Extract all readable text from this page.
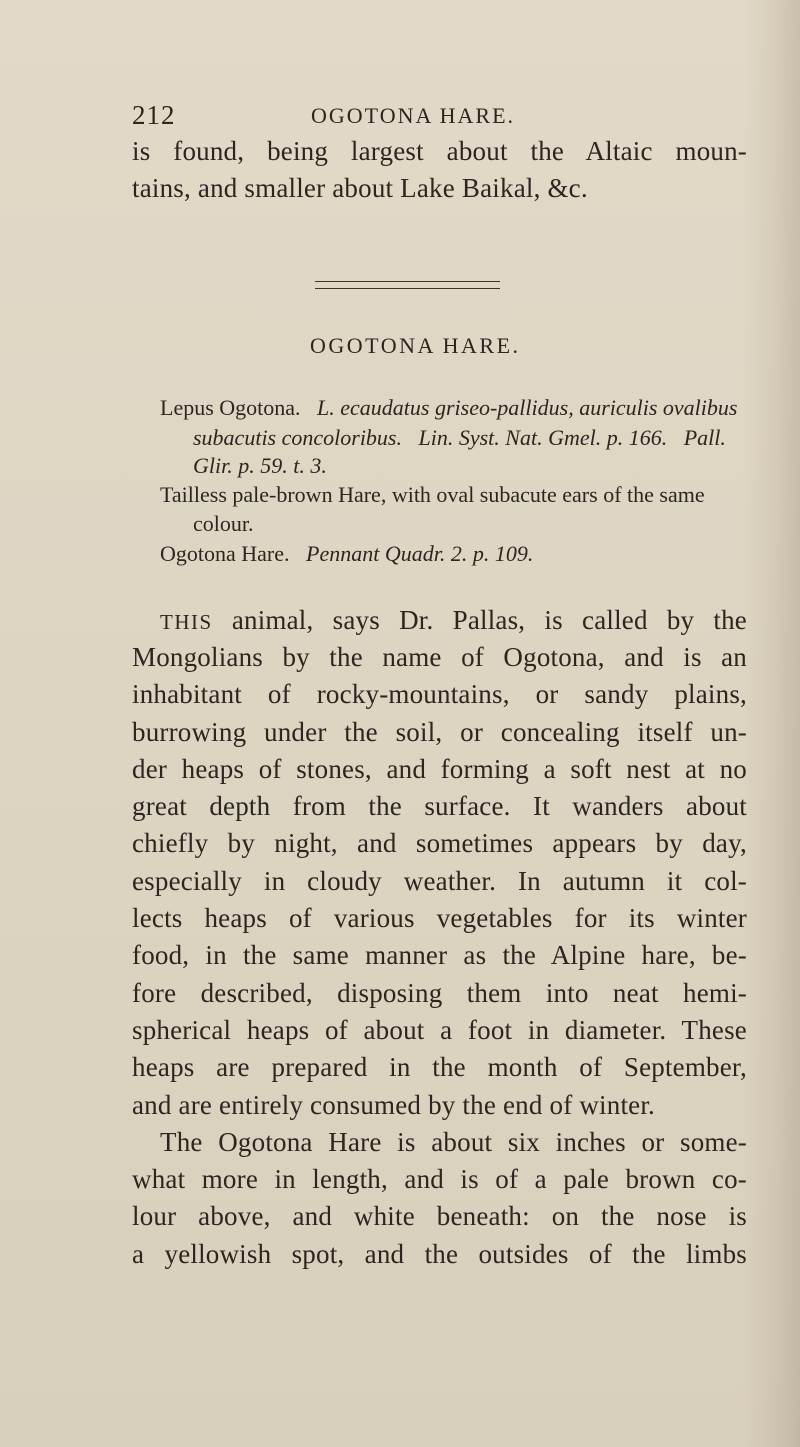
212	OGOTONA HARE.
is found, being largest about the Altaic moun-
tains, and smaller about Lake Baikal, &c.
OGOTONA HARE.
Lepus Ogotona. L. ecaudatus griseo-pallidus, auriculis ovalibus
subacutis concoloribus. Lin. Syst. Nat. Gmel. p. 166. Pall.
Glir. p. 59. t. 3.
Tailless pale-brown Hare, with oval subacute ears of the same
colour.
Ogotona Hare. Pennant Quadr. 2. p. 109.
THIS animal, says Dr. Pallas, is called by the
Mongolians by the name of Ogotona, and is an
inhabitant of rocky-mountains, or sandy plains,
burrowing under the soil, or concealing itself un-
der heaps of stones, and forming a soft nest at no
great depth from the surface. It wanders about
chiefly by night, and sometimes appears by day,
especially in cloudy weather. In autumn it col-
lects heaps of various vegetables for its winter
food, in the same manner as the Alpine hare, be-
fore described, disposing them into neat hemi-
spherical heaps of about a foot in diameter. These
heaps are prepared in the month of September,
and are entirely consumed by the end of winter.
The Ogotona Hare is about six inches or some-
what more in length, and is of a pale brown co-
lour above, and white beneath: on the nose is
a yellowish spot, and the outsides of the limbs
